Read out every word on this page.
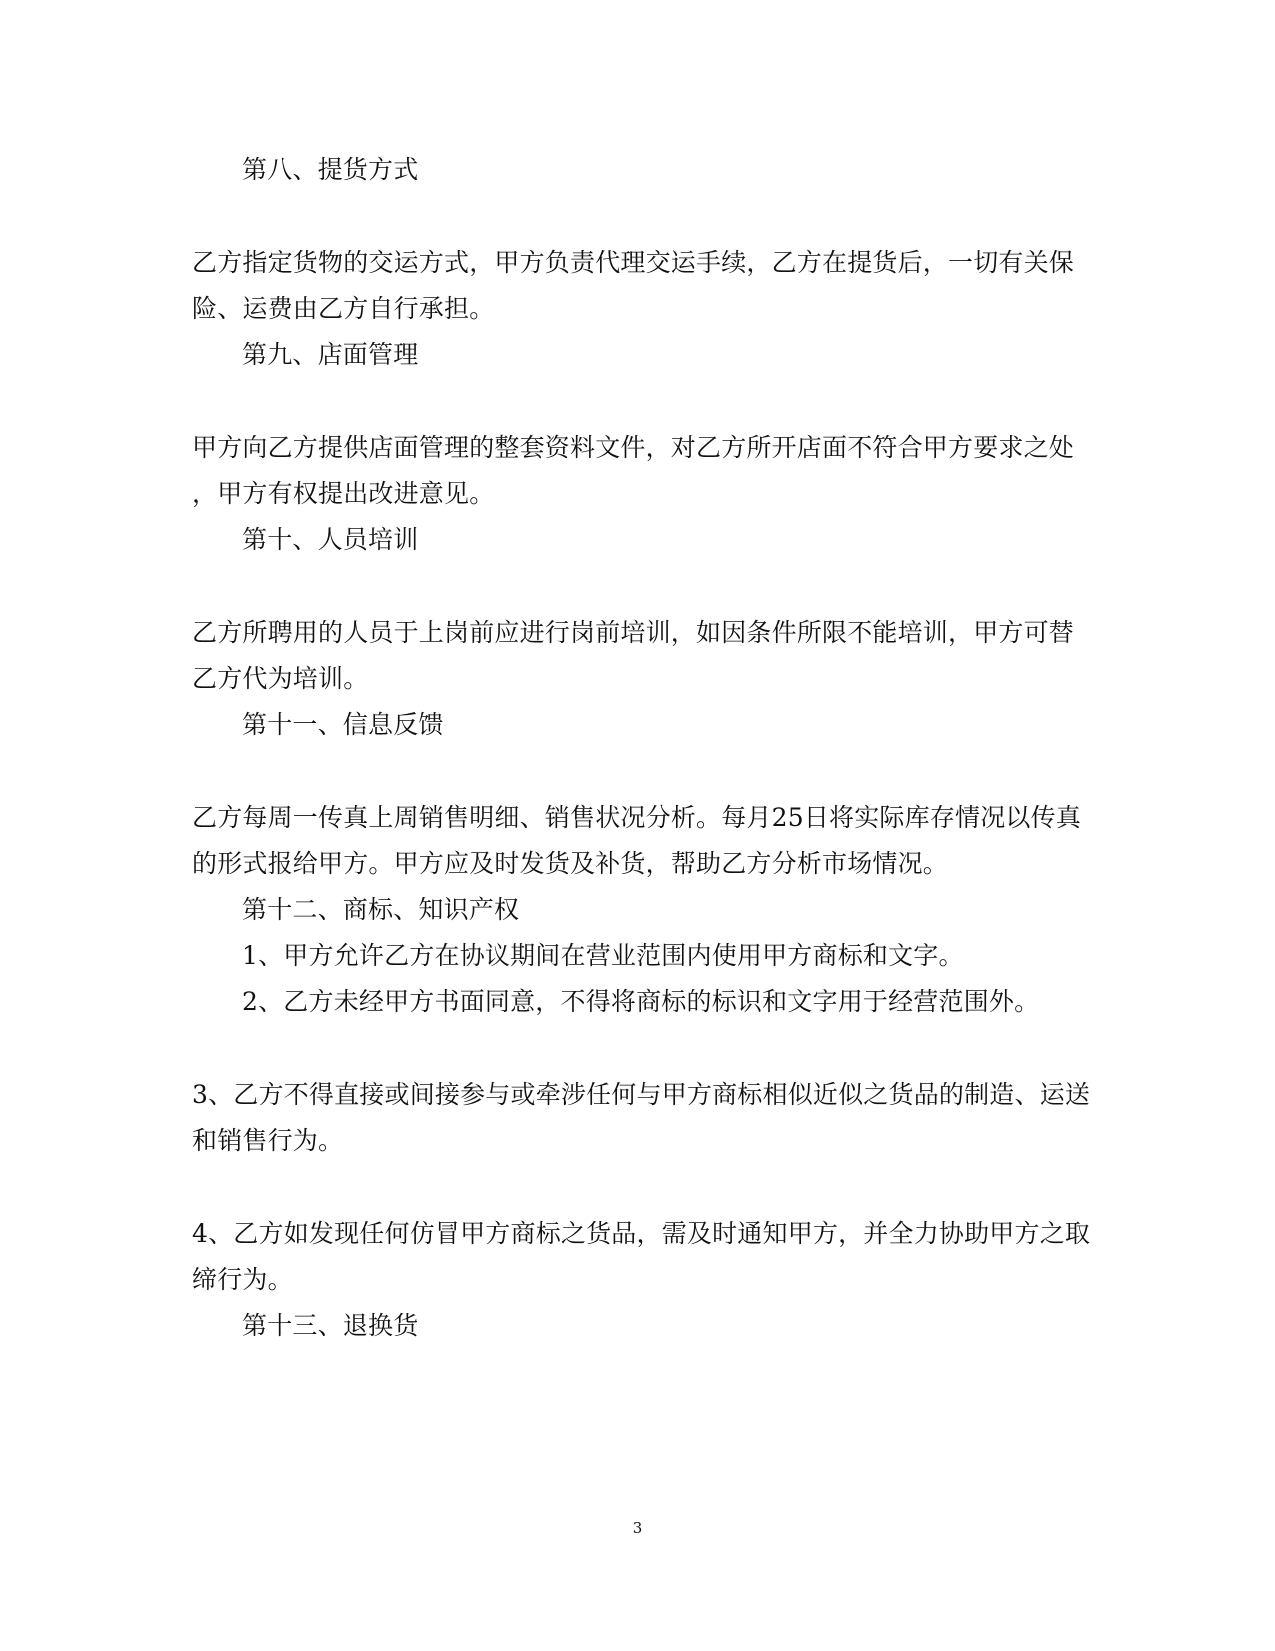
第八、提货方式
乙方指定货物的交运方式，甲方负责代理交运手续，乙方在提货后，一切有关保
险、运费由乙方自行承担。
第九、店面管理
甲方向乙方提供店面管理的整套资料文件，对乙方所开店面不符合甲方要求之处
，甲方有权提出改进意见。
第十、人员培训
乙方所聘用的人员于上岗前应进行岗前培训，如因条件所限不能培训，甲方可替
乙方代为培训。
第十一、信息反馈
乙方每周一传真上周销售明细、销售状况分析。每月25日将实际库存情况以传真
的形式报给甲方。甲方应及时发货及补货，帮助乙方分析市场情况。
第十二、商标、知识产权
1、甲方允许乙方在协议期间在营业范围内使用甲方商标和文字。
2、乙方未经甲方书面同意，不得将商标的标识和文字用于经营范围外。
3、乙方不得直接或间接参与或牵涉任何与甲方商标相似近似之货品的制造、运送
和销售行为。
4、乙方如发现任何仿冒甲方商标之货品，需及时通知甲方，并全力协助甲方之取
缔行为。
第十三、退换货
3
